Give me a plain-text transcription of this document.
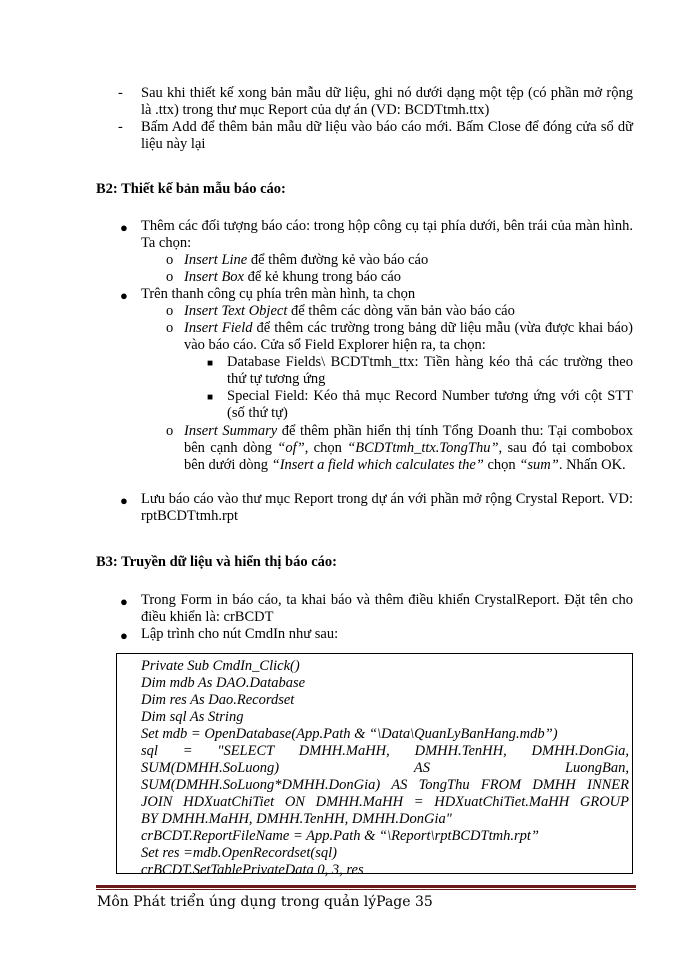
-	Sau khi thiết kế xong bản mẫu dữ liệu, ghi nó dưới dạng một tệp (có phần mở rộng là .ttx) trong thư mục Report của dự án (VD: BCDTtmh.ttx)
-	Bấm Add để thêm bản mẫu dữ liệu vào báo cáo mới. Bấm Close để đóng cửa sổ dữ liệu này lại
B2: Thiết kế bản mẫu báo cáo:
● Thêm các đối tượng báo cáo: trong hộp công cụ tại phía dưới, bên trái của màn hình. Ta chọn:
o Insert Line để thêm đường kẻ vào báo cáo
o Insert Box để kẻ khung trong báo cáo
● Trên thanh công cụ phía trên màn hình, ta chọn
o Insert Text Object để thêm các dòng văn bản vào báo cáo
o Insert Field để thêm các trường trong bảng dữ liệu mẫu (vừa được khai báo) vào báo cáo. Cửa sổ Field Explorer hiện ra, ta chọn:
■ Database Fields\ BCDTtmh_ttx: Tiền hàng kéo thả các trường theo thứ tự tương ứng
■ Special Field: Kéo thả mục Record Number tương ứng với cột STT (số thứ tự)
o Insert Summary để thêm phần hiển thị tính Tổng Doanh thu: Tại combobox bên cạnh dòng “of”, chọn “BCDTtmh_ttx.TongThu”, sau đó tại combobox bên dưới dòng “Insert a field which calculates the” chọn “sum”. Nhấn OK.
● Lưu báo cáo vào thư mục Report trong dự án với phần mở rộng Crystal Report. VD: rptBCDTtmh.rpt
B3: Truyền dữ liệu và hiển thị báo cáo:
● Trong Form in báo cáo, ta khai báo và thêm điều khiển CrystalReport. Đặt tên cho điều khiển là: crBCDT
● Lập trình cho nút CmdIn như sau:
Private Sub CmdIn_Click()
Dim mdb As DAO.Database
Dim res As Dao.Recordset
Dim sql As String
Set mdb = OpenDatabase(App.Path & “\Data\QuanLyBanHang.mdb”)
sql = "SELECT DMHH.MaHH, DMHH.TenHH, DMHH.DonGia,
SUM(DMHH.SoLuong) AS LuongBan,
SUM(DMHH.SoLuong*DMHH.DonGia) AS TongThu FROM DMHH INNER
JOIN HDXuatChiTiet ON DMHH.MaHH = HDXuatChiTiet.MaHH GROUP
BY DMHH.MaHH, DMHH.TenHH, DMHH.DonGia"
crBCDT.ReportFileName = App.Path & “\Report\rptBCDTtmh.rpt”
Set res =mdb.OpenRecordset(sql)
crBCDT.SetTablePrivateData 0, 3, res
Môn Phát triển úng dụng trong quản lýPage 35
